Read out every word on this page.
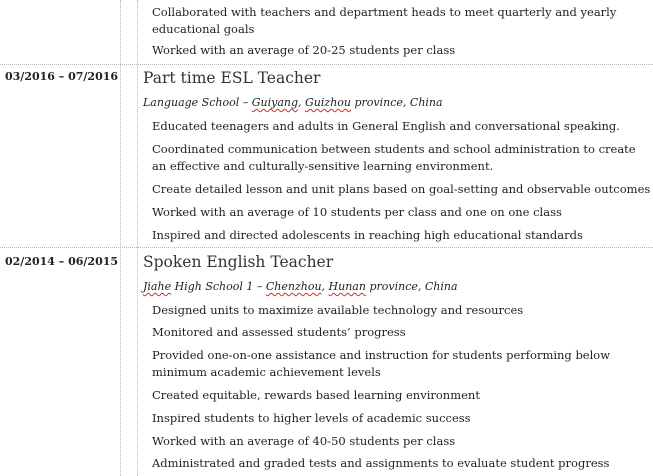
Collaborated with teachers and department heads to meet quarterly and yearly educational goals
Worked with an average of 20-25 students per class
03/2016 – 07/2016 Part time ESL Teacher
Language School – Guiyang, Guizhou province, China
Educated teenagers and adults in General English and conversational speaking.
Coordinated communication between students and school administration to create an effective and culturally-sensitive learning environment.
Create detailed lesson and unit plans based on goal-setting and observable outcomes
Worked with an average of 10 students per class and one on one class
Inspired and directed adolescents in reaching high educational standards
02/2014 – 06/2015 Spoken English Teacher
Jiahe High School 1 – Chenzhou, Hunan province, China
Designed units to maximize available technology and resources
Monitored and assessed students’ progress
Provided one-on-one assistance and instruction for students performing below minimum academic achievement levels
Created equitable, rewards based learning environment
Inspired students to higher levels of academic success
Worked with an average of 40-50 students per class
Administrated and graded tests and assignments to evaluate student progress
